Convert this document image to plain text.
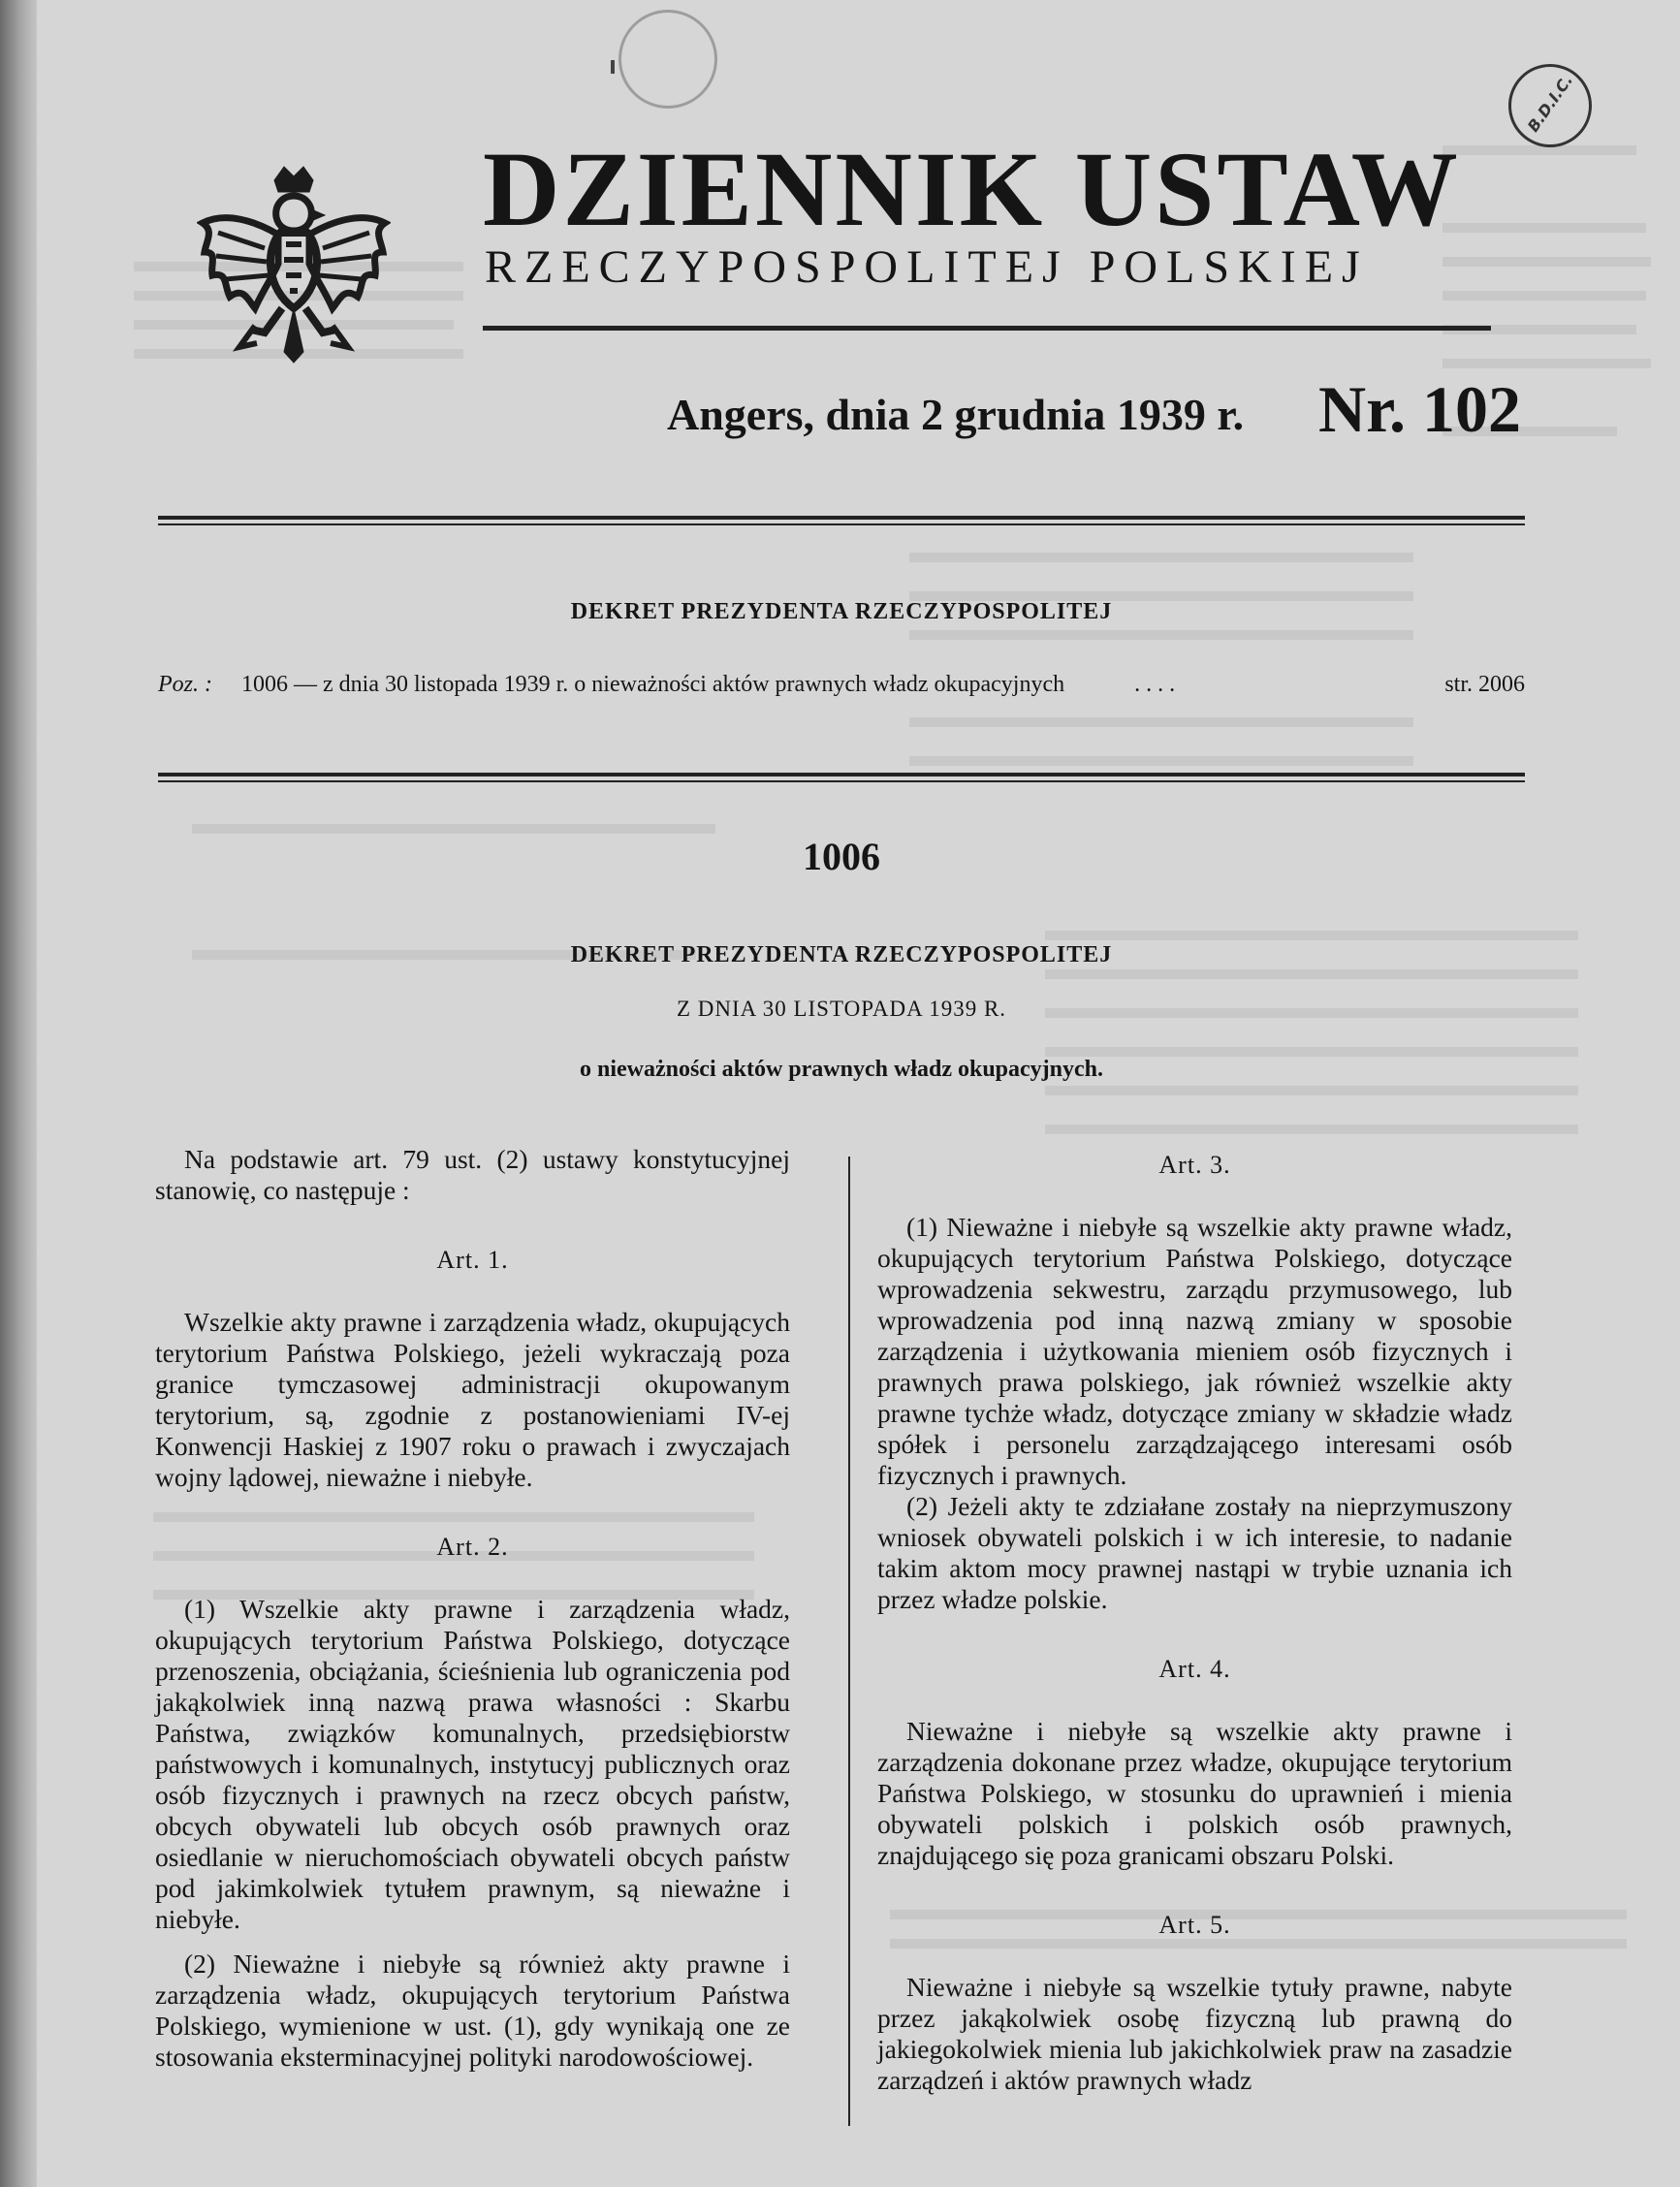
B.D.I.C.
DZIENNIK USTAW
RZECZYPOSPOLITEJ POLSKIEJ
Angers, dnia 2 grudnia 1939 r. Nr. 102
DEKRET PREZYDENTA RZECZYPOSPOLITEJ
Poz. : 1006 — z dnia 30 listopada 1939 r. o nieważności aktów prawnych władz okupacyjnych	. . . .	str. 2006
1006
DEKRET PREZYDENTA RZECZYPOSPOLITEJ
Z DNIA 30 LISTOPADA 1939 R.
o nieważności aktów prawnych władz okupacyjnych.

Na podstawie art. 79 ust. (2) ustawy konstytucyjnej stanowię, co następuje :

Art. 1.

Wszelkie akty prawne i zarządzenia władz, okupujących terytorium Państwa Polskiego, jeżeli wykraczają poza granice tymczasowej administracji okupowanym terytorium, są, zgodnie z postanowieniami IV-ej Konwencji Haskiej z 1907 roku o prawach i zwyczajach wojny lądowej, nieważne i niebyłe.

Art. 2.

(1) Wszelkie akty prawne i zarządzenia władz, okupujących terytorium Państwa Polskiego, dotyczące przenoszenia, obciążania, ścieśnienia lub ograniczenia pod jakąkolwiek inną nazwą prawa własności : Skarbu Państwa, związków komunalnych, przedsiębiorstw państwowych i komunalnych, instytucyj publicznych oraz osób fizycznych i prawnych na rzecz obcych państw, obcych obywateli lub obcych osób prawnych oraz osiedlanie w nieruchomościach obywateli obcych państw pod jakimkolwiek tytułem prawnym, są nieważne i niebyłe.

(2) Nieważne i niebyłe są również akty prawne i zarządzenia władz, okupujących terytorium Państwa Polskiego, wymienione w ust. (1), gdy wynikają one ze stosowania eksterminacyjnej polityki narodowościowej.

Art. 3.

(1) Nieważne i niebyłe są wszelkie akty prawne władz, okupujących terytorium Państwa Polskiego, dotyczące wprowadzenia sekwestru, zarządu przymusowego, lub wprowadzenia pod inną nazwą zmiany w sposobie zarządzenia i użytkowania mieniem osób fizycznych i prawnych prawa polskiego, jak również wszelkie akty prawne tychże władz, dotyczące zmiany w składzie władz spółek i personelu zarządzającego interesami osób fizycznych i prawnych.

(2) Jeżeli akty te zdziałane zostały na nieprzymuszony wniosek obywateli polskich i w ich interesie, to nadanie takim aktom mocy prawnej nastąpi w trybie uznania ich przez władze polskie.

Art. 4.

Nieważne i niebyłe są wszelkie akty prawne i zarządzenia dokonane przez władze, okupujące terytorium Państwa Polskiego, w stosunku do uprawnień i mienia obywateli polskich i polskich osób prawnych, znajdującego się poza granicami obszaru Polski.

Art. 5.

Nieważne i niebyłe są wszelkie tytuły prawne, nabyte przez jakąkolwiek osobę fizyczną lub prawną do jakiegokolwiek mienia lub jakichkolwiek praw na zasadzie zarządzeń i aktów prawnych władz
